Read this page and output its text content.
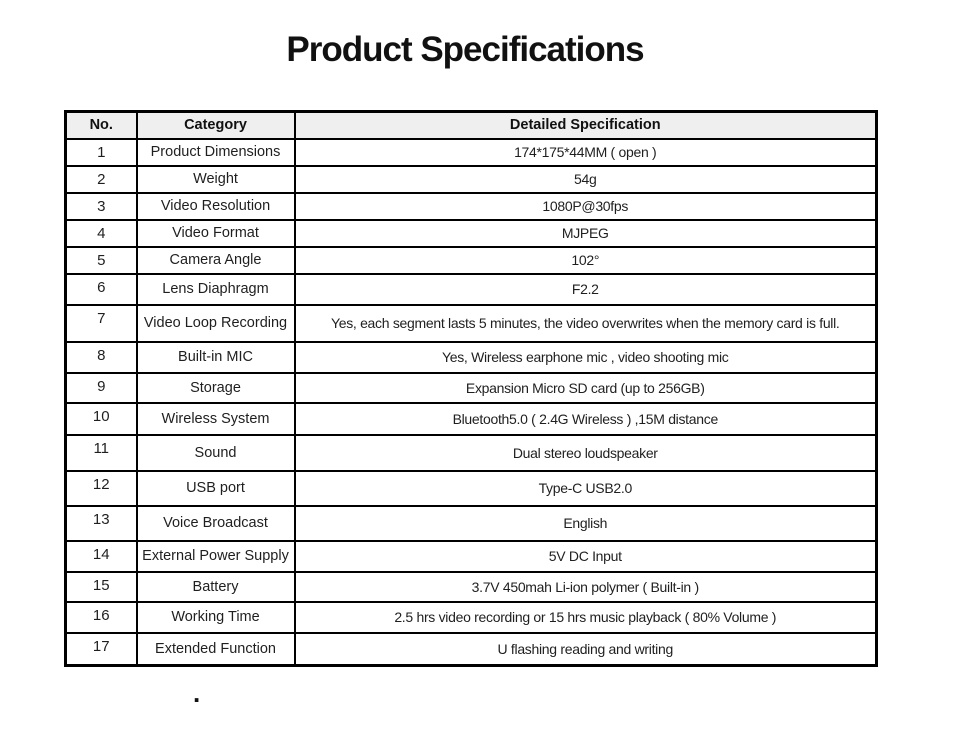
Product Specifications
No.	Category	Detailed Specification
1	Product Dimensions	174*175*44MM ( open )
2	Weight	54g
3	Video Resolution	1080P@30fps
4	Video Format	MJPEG
5	Camera Angle	102°
6	Lens Diaphragm	F2.2
7	Video Loop Recording	Yes, each segment lasts 5 minutes, the video overwrites when the memory card is full.
8	Built-in MIC	Yes, Wireless earphone mic , video shooting mic
9	Storage	Expansion Micro SD card (up to 256GB)
10	Wireless System	Bluetooth5.0 ( 2.4G Wireless ) ,15M distance
11	Sound	Dual stereo loudspeaker
12	USB port	Type-C USB2.0
13	Voice Broadcast	English
14	External Power Supply	5V DC Input
15	Battery	3.7V 450mah Li-ion polymer ( Built-in )
16	Working Time	2.5 hrs video recording or 15 hrs music playback ( 80% Volume )
17	Extended Function	U flashing reading and writing
.
